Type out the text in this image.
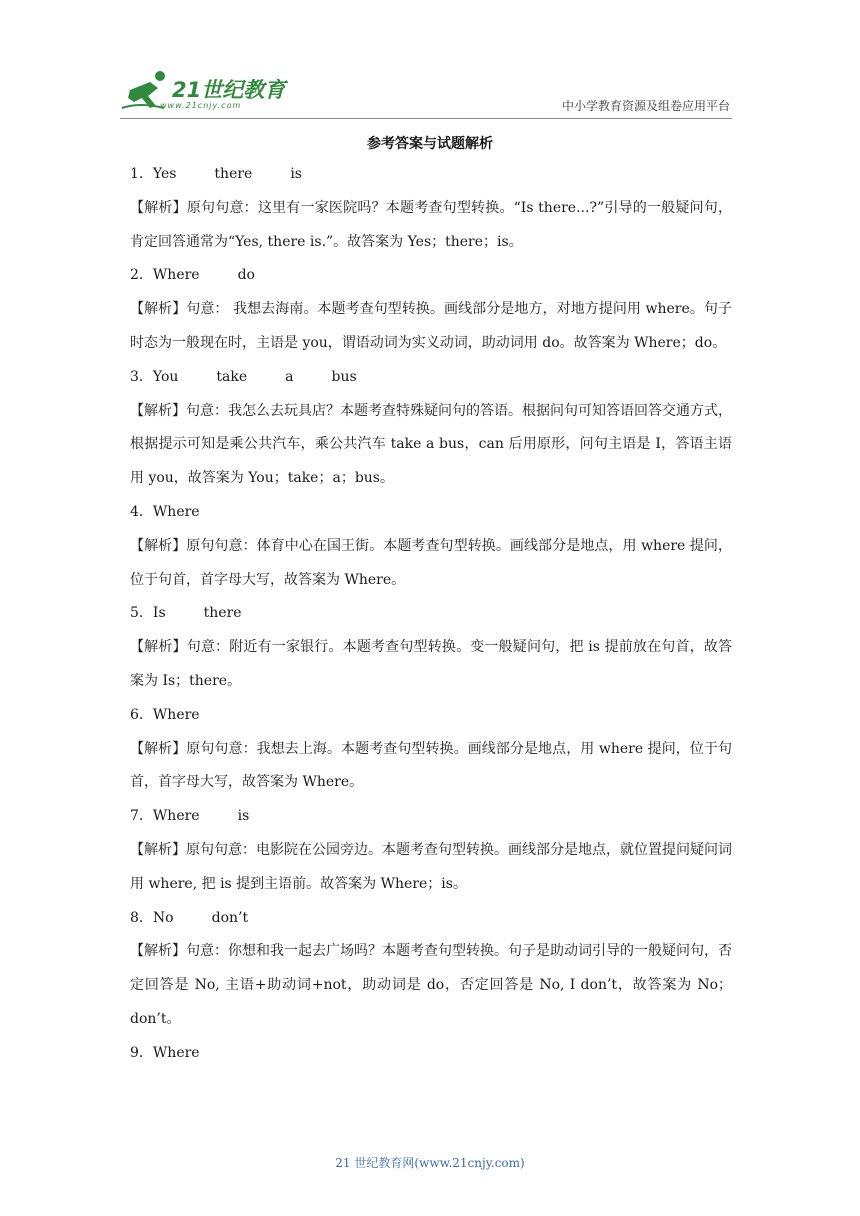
21世纪教育
www.21cnjy.com	中小学教育资源及组卷应用平台
参考答案与试题解析
1．Yes	there	is
【解析】原句句意：这里有一家医院吗？本题考查句型转换。“Is there...?”引导的一般疑问句，肯定回答通常为“Yes, there is.”。故答案为 Yes；there；is。
2．Where	do
【解析】句意： 我想去海南。本题考查句型转换。画线部分是地方，对地方提问用 where。句子时态为一般现在时，主语是 you，谓语动词为实义动词，助动词用 do。故答案为 Where；do。
3．You	take	a	bus
【解析】句意：我怎么去玩具店？本题考查特殊疑问句的答语。根据问句可知答语回答交通方式，根据提示可知是乘公共汽车，乘公共汽车 take a bus，can 后用原形，问句主语是 I，答语主语用 you，故答案为 You；take；a；bus。
4．Where
【解析】原句句意：体育中心在国王街。本题考查句型转换。画线部分是地点，用 where 提问，位于句首，首字母大写，故答案为 Where。
5．Is	there
【解析】句意：附近有一家银行。本题考查句型转换。变一般疑问句，把 is 提前放在句首，故答案为 Is；there。
6．Where
【解析】原句句意：我想去上海。本题考查句型转换。画线部分是地点，用 where 提问，位于句首，首字母大写，故答案为 Where。
7．Where	is
【解析】原句句意：电影院在公园旁边。本题考查句型转换。画线部分是地点，就位置提问疑问词用 where, 把 is 提到主语前。故答案为 Where；is。
8．No	don’t
【解析】句意：你想和我一起去广场吗？本题考查句型转换。句子是助动词引导的一般疑问句，否定回答是 No, 主语+助动词+not，助动词是 do，否定回答是 No, I don’t，故答案为 No；don’t。
9．Where
21 世纪教育网(www.21cnjy.com)
